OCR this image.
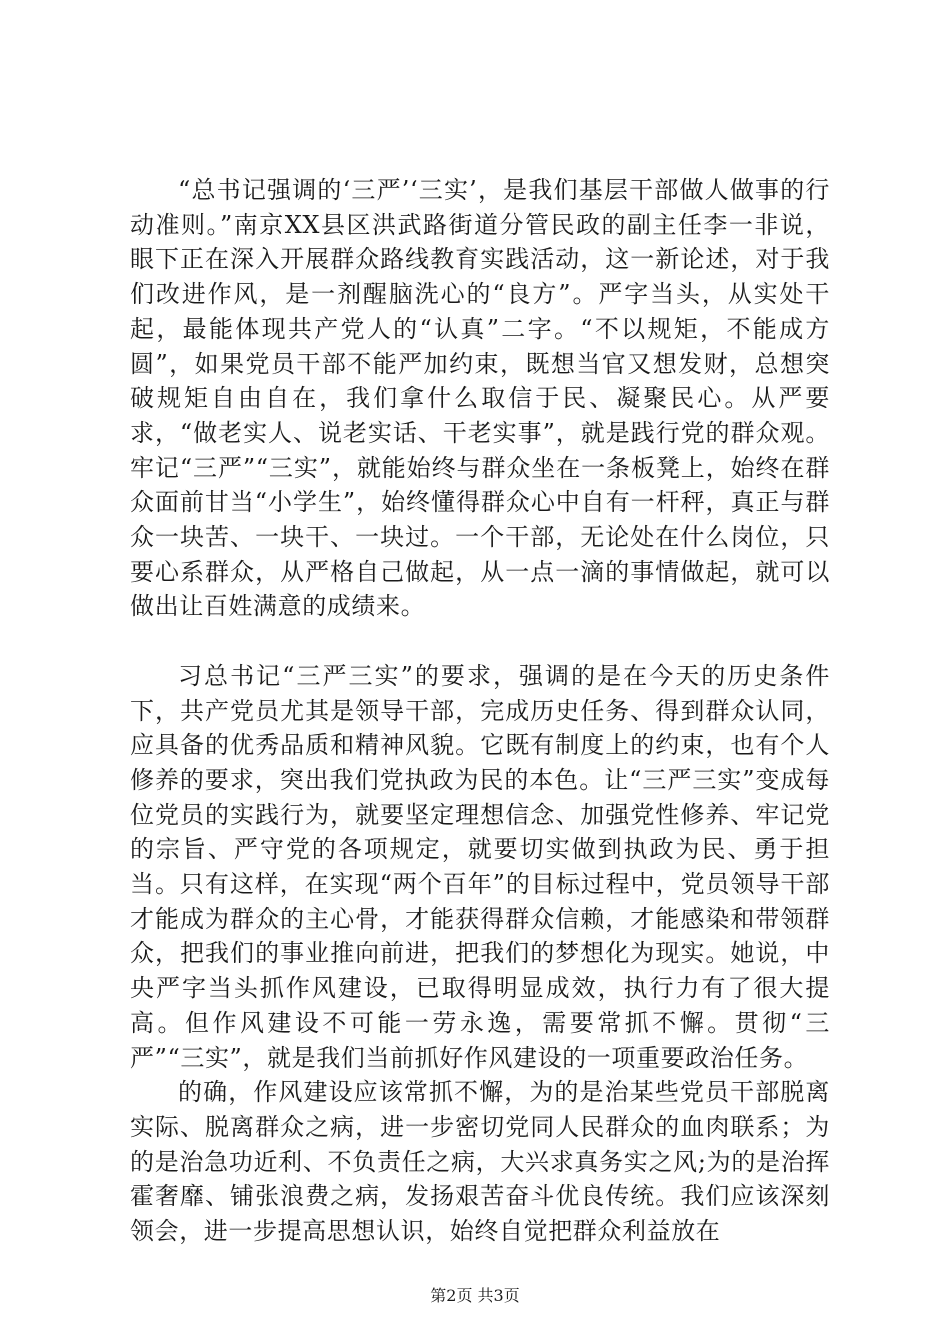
“总书记强调的‘三严’‘三实’，是我们基层干部做人做事的行动准则。”南京XX县区洪武路街道分管民政的副主任李一非说，眼下正在深入开展群众路线教育实践活动，这一新论述，对于我们改进作风，是一剂醒脑洗心的“良方”。严字当头，从实处干起，最能体现共产党人的“认真”二字。“不以规矩，不能成方圆”，如果党员干部不能严加约束，既想当官又想发财，总想突破规矩自由自在，我们拿什么取信于民、凝聚民心。从严要求，“做老实人、说老实话、干老实事”，就是践行党的群众观。牢记“三严”“三实”，就能始终与群众坐在一条板凳上，始终在群众面前甘当“小学生”，始终懂得群众心中自有一杆秤，真正与群众一块苦、一块干、一块过。一个干部，无论处在什么岗位，只要心系群众，从严格自己做起，从一点一滴的事情做起，就可以做出让百姓满意的成绩来。

习总书记“三严三实”的要求，强调的是在今天的历史条件下，共产党员尤其是领导干部，完成历史任务、得到群众认同，应具备的优秀品质和精神风貌。它既有制度上的约束，也有个人修养的要求，突出我们党执政为民的本色。让“三严三实”变成每位党员的实践行为，就要坚定理想信念、加强党性修养、牢记党的宗旨、严守党的各项规定，就要切实做到执政为民、勇于担当。只有这样，在实现“两个百年”的目标过程中，党员领导干部才能成为群众的主心骨，才能获得群众信赖，才能感染和带领群众，把我们的事业推向前进，把我们的梦想化为现实。她说，中央严字当头抓作风建设，已取得明显成效，执行力有了很大提高。但作风建设不可能一劳永逸，需要常抓不懈。贯彻“三严”“三实”，就是我们当前抓好作风建设的一项重要政治任务。

的确，作风建设应该常抓不懈，为的是治某些党员干部脱离实际、脱离群众之病，进一步密切党同人民群众的血肉联系；为的是治急功近利、不负责任之病，大兴求真务实之风;为的是治挥霍奢靡、铺张浪费之病，发扬艰苦奋斗优良传统。我们应该深刻领会，进一步提高思想认识，始终自觉把群众利益放在

第2页 共3页
